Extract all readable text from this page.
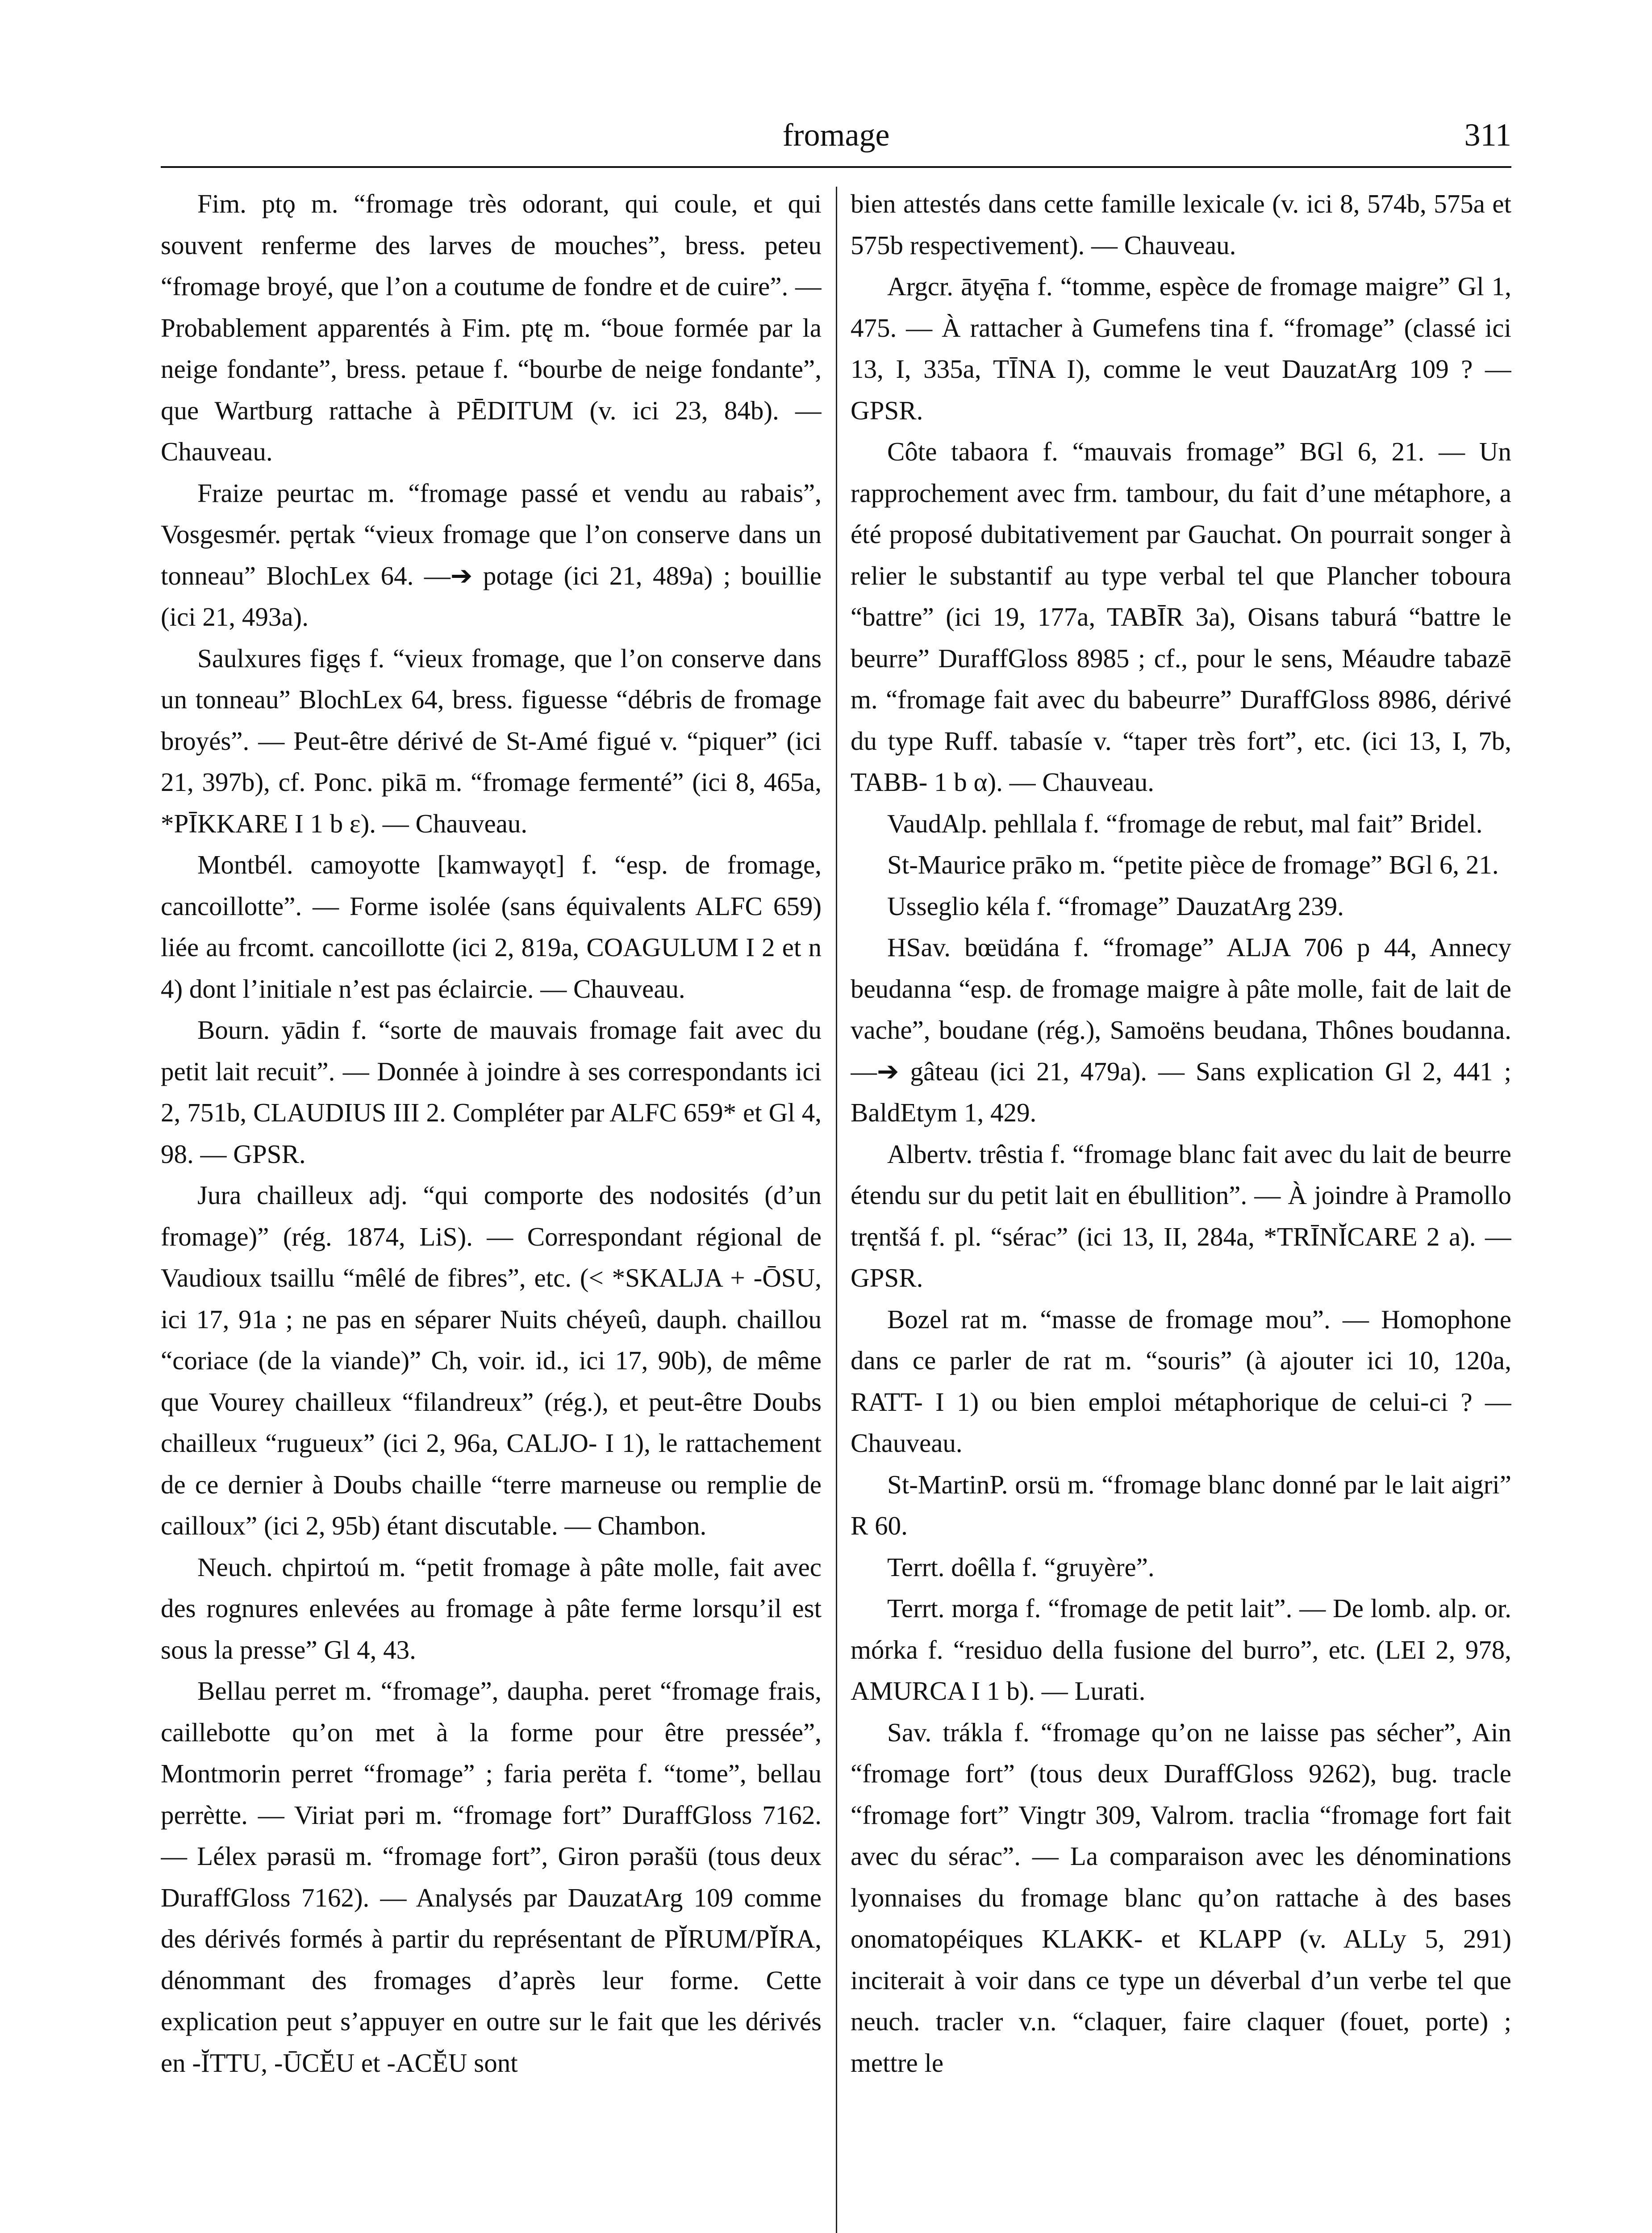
fromage	311

Fim. ptǫ m. “fromage très odorant, qui coule, et qui souvent renferme des larves de mouches”, bress. peteu “fromage broyé, que l’on a coutume de fondre et de cuire”. — Probablement apparentés à Fim. ptę m. “boue formée par la neige fondante”, bress. petaue f. “bourbe de neige fondante”, que Wartburg rattache à PĒDITUM (v. ici 23, 84b). — Chauveau.

Fraize peurtac m. “fromage passé et vendu au rabais”, Vosgesmér. pęrtak “vieux fromage que l’on conserve dans un tonneau” BlochLex 64. —➔ potage (ici 21, 489a) ; bouillie (ici 21, 493a).

Saulxures figęs f. “vieux fromage, que l’on conserve dans un tonneau” BlochLex 64, bress. figuesse “débris de fromage broyés”. — Peut-être dérivé de St-Amé figué v. “piquer” (ici 21, 397b), cf. Ponc. pikā m. “fromage fermenté” (ici 8, 465a, *PĪKKARE I 1 b ε). — Chauveau.

Montbél. camoyotte [kamwayǫt] f. “esp. de fromage, cancoillotte”. — Forme isolée (sans équivalents ALFC 659) liée au frcomt. cancoillotte (ici 2, 819a, COAGULUM I 2 et n 4) dont l’initiale n’est pas éclaircie. — Chauveau.

Bourn. yādin f. “sorte de mauvais fromage fait avec du petit lait recuit”. — Donnée à joindre à ses correspondants ici 2, 751b, CLAUDIUS III 2. Compléter par ALFC 659* et Gl 4, 98. — GPSR.

Jura chailleux adj. “qui comporte des nodosités (d’un fromage)” (rég. 1874, LiS). — Correspondant régional de Vaudioux tsaillu “mêlé de fibres”, etc. (< *SKALJA + -ŌSU, ici 17, 91a ; ne pas en séparer Nuits chéyeû, dauph. chaillou “coriace (de la viande)” Ch, voir. id., ici 17, 90b), de même que Vourey chailleux “filandreux” (rég.), et peut-être Doubs chailleux “rugueux” (ici 2, 96a, CALJO- I 1), le rattachement de ce dernier à Doubs chaille “terre marneuse ou remplie de cailloux” (ici 2, 95b) étant discutable. — Chambon.

Neuch. chpirtoú m. “petit fromage à pâte molle, fait avec des rognures enlevées au fromage à pâte ferme lorsqu’il est sous la presse” Gl 4, 43.

Bellau perret m. “fromage”, daupha. peret “fromage frais, caillebotte qu’on met à la forme pour être pressée”, Montmorin perret “fromage” ; faria perëta f. “tome”, bellau perrètte. — Viriat pəri m. “fromage fort” DuraffGloss 7162. — Lélex pərasü m. “fromage fort”, Giron pərašü (tous deux DuraffGloss 7162). — Analysés par DauzatArg 109 comme des dérivés formés à partir du représentant de PĬRUM/PĬRA, dénommant des fromages d’après leur forme. Cette explication peut s’appuyer en outre sur le fait que les dérivés en -ĬTTU, -ŪCĔU et -ACĔU sont

bien attestés dans cette famille lexicale (v. ici 8, 574b, 575a et 575b respectivement). — Chauveau.

Argcr. ātyę̄na f. “tomme, espèce de fromage maigre” Gl 1, 475. — À rattacher à Gumefens tina f. “fromage” (classé ici 13, I, 335a, TĪNA I), comme le veut DauzatArg 109 ? — GPSR.

Côte tabaora f. “mauvais fromage” BGl 6, 21. — Un rapprochement avec frm. tambour, du fait d’une métaphore, a été proposé dubitativement par Gauchat. On pourrait songer à relier le substantif au type verbal tel que Plancher toboura “battre” (ici 19, 177a, TABĪR 3a), Oisans taburá “battre le beurre” DuraffGloss 8985 ; cf., pour le sens, Méaudre tabazē m. “fromage fait avec du babeurre” DuraffGloss 8986, dérivé du type Ruff. tabasíe v. “taper très fort”, etc. (ici 13, I, 7b, TABB- 1 b α). — Chauveau.

VaudAlp. pehllala f. “fromage de rebut, mal fait” Bridel.

St-Maurice prāko m. “petite pièce de fromage” BGl 6, 21.

Usseglio kéla f. “fromage” DauzatArg 239.

HSav. bœüdána f. “fromage” ALJA 706 p 44, Annecy beudanna “esp. de fromage maigre à pâte molle, fait de lait de vache”, boudane (rég.), Samoëns beudana, Thônes boudanna. —➔ gâteau (ici 21, 479a). — Sans explication Gl 2, 441 ; BaldEtym 1, 429.

Albertv. trêstia f. “fromage blanc fait avec du lait de beurre étendu sur du petit lait en ébullition”. — À joindre à Pramollo tręntšá f. pl. “sérac” (ici 13, II, 284a, *TRĪNĬCARE 2 a). — GPSR.

Bozel rat m. “masse de fromage mou”. — Homophone dans ce parler de rat m. “souris” (à ajouter ici 10, 120a, RATT- I 1) ou bien emploi métaphorique de celui-ci ? — Chauveau.

St-MartinP. orsü m. “fromage blanc donné par le lait aigri” R 60.

Terrt. doêlla f. “gruyère”.

Terrt. morga f. “fromage de petit lait”. — De lomb. alp. or. mórka f. “residuo della fusione del burro”, etc. (LEI 2, 978, AMURCA I 1 b). — Lurati.

Sav. trákla f. “fromage qu’on ne laisse pas sécher”, Ain “fromage fort” (tous deux DuraffGloss 9262), bug. tracle “fromage fort” Vingtr 309, Valrom. traclia “fromage fort fait avec du sérac”. — La comparaison avec les dénominations lyonnaises du fromage blanc qu’on rattache à des bases onomatopéiques KLAKK- et KLAPP (v. ALLy 5, 291) inciterait à voir dans ce type un déverbal d’un verbe tel que neuch. tracler v.n. “claquer, faire claquer (fouet, porte) ; mettre le
